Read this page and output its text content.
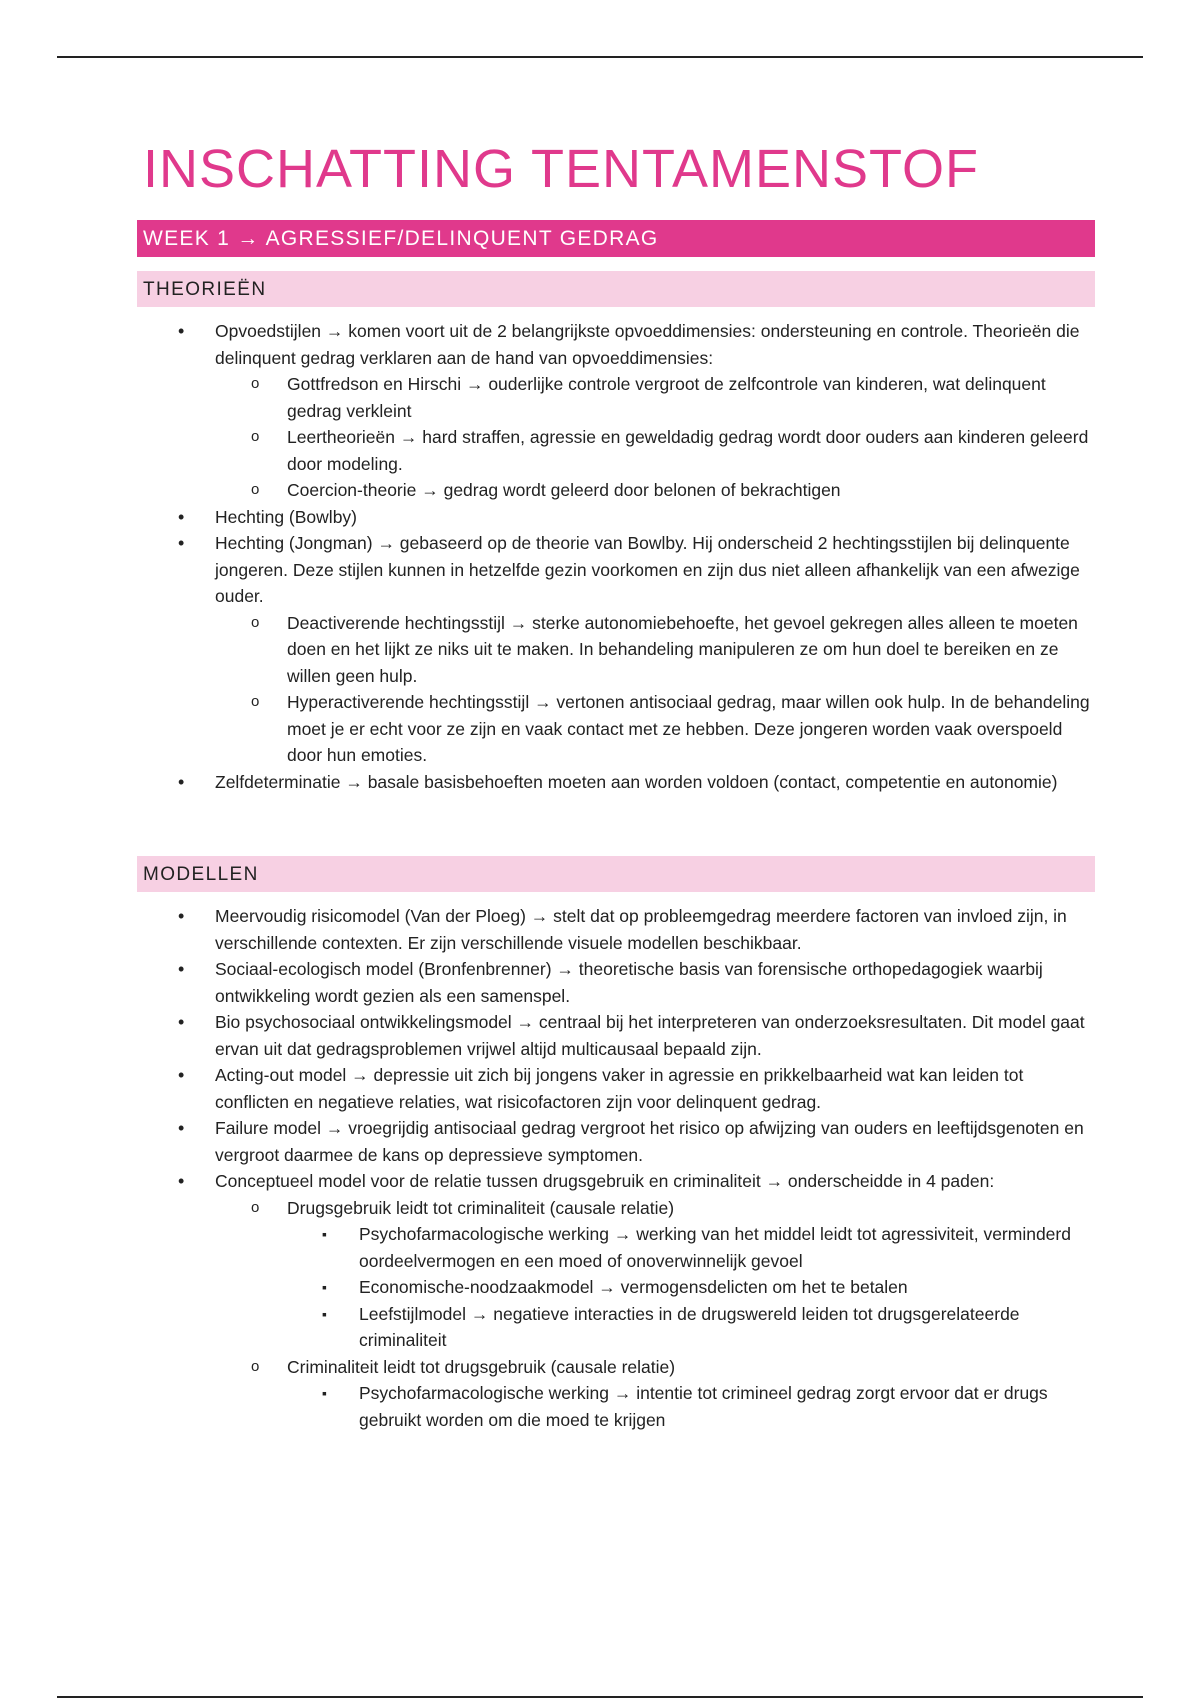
INSCHATTING TENTAMENSTOF
WEEK 1 → AGRESSIEF/DELINQUENT GEDRAG
THEORIEËN
• Opvoedstijlen → komen voort uit de 2 belangrijkste opvoeddimensies: ondersteuning en controle. Theorieën die delinquent gedrag verklaren aan de hand van opvoeddimensies:
o Gottfredson en Hirschi → ouderlijke controle vergroot de zelfcontrole van kinderen, wat delinquent gedrag verkleint
o Leertheorieën → hard straffen, agressie en geweldadig gedrag wordt door ouders aan kinderen geleerd door modeling.
o Coercion-theorie → gedrag wordt geleerd door belonen of bekrachtigen
• Hechting (Bowlby)
• Hechting (Jongman) → gebaseerd op de theorie van Bowlby. Hij onderscheid 2 hechtingsstijlen bij delinquente jongeren. Deze stijlen kunnen in hetzelfde gezin voorkomen en zijn dus niet alleen afhankelijk van een afwezige ouder.
o Deactiverende hechtingsstijl → sterke autonomiebehoefte, het gevoel gekregen alles alleen te moeten doen en het lijkt ze niks uit te maken. In behandeling manipuleren ze om hun doel te bereiken en ze willen geen hulp.
o Hyperactiverende hechtingsstijl → vertonen antisociaal gedrag, maar willen ook hulp. In de behandeling moet je er echt voor ze zijn en vaak contact met ze hebben. Deze jongeren worden vaak overspoeld door hun emoties.
• Zelfdeterminatie → basale basisbehoeften moeten aan worden voldoen (contact, competentie en autonomie)
MODELLEN
• Meervoudig risicomodel (Van der Ploeg) → stelt dat op probleemgedrag meerdere factoren van invloed zijn, in verschillende contexten. Er zijn verschillende visuele modellen beschikbaar.
• Sociaal-ecologisch model (Bronfenbrenner) → theoretische basis van forensische orthopedagogiek waarbij ontwikkeling wordt gezien als een samenspel.
• Bio psychosociaal ontwikkelingsmodel → centraal bij het interpreteren van onderzoeksresultaten. Dit model gaat ervan uit dat gedragsproblemen vrijwel altijd multicausaal bepaald zijn.
• Acting-out model → depressie uit zich bij jongens vaker in agressie en prikkelbaarheid wat kan leiden tot conflicten en negatieve relaties, wat risicofactoren zijn voor delinquent gedrag.
• Failure model → vroegrijdig antisociaal gedrag vergroot het risico op afwijzing van ouders en leeftijdsgenoten en vergroot daarmee de kans op depressieve symptomen.
• Conceptueel model voor de relatie tussen drugsgebruik en criminaliteit → onderscheidde in 4 paden:
o Drugsgebruik leidt tot criminaliteit (causale relatie)
▪ Psychofarmacologische werking → werking van het middel leidt tot agressiviteit, verminderd oordeelvermogen en een moed of onoverwinnelijk gevoel
▪ Economische-noodzaakmodel → vermogensdelicten om het te betalen
▪ Leefstijlmodel → negatieve interacties in de drugswereld leiden tot drugsgerelateerde criminaliteit
o Criminaliteit leidt tot drugsgebruik (causale relatie)
▪ Psychofarmacologische werking → intentie tot crimineel gedrag zorgt ervoor dat er drugs gebruikt worden om die moed te krijgen
